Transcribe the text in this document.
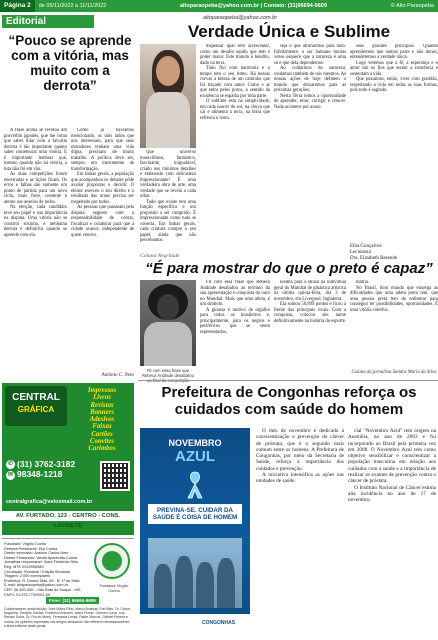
Página 2	de 05/11/2022 a 11/11/2022	altoparaopeba@yahoo.com.br | Contato: (31)96694-9609	© Alto Paraopeba
Editorial
“Pouco se aprende com a vitória, mas muito com a derrota”

A frase acima se revelou um provérbio japonês, que me coma que saber lidar com a favorita derrota é tão importante quanto saber comemorar uma vitória. E é importante lembrar que, mesmo quando não há vitória, a luta não foi em vão.

As duas competições foram encerradas e as lições ficam. Os erros e falhas são somente um ponto de partida para um novo ciclo, mais forte, coerente e atento aos anseios de todos.

Na eleição, cada candidato teve seu papel e sua importância na disputa. Uma vitória não se constrói sozinha, e nenhuma derrota é definitiva quando se aprende com ela.

Como já havíamos mencionado, os dois lados que nos interessam, para que seus moradores tenham uma vida digna, precisam de muito trabalho. A política deve ser, sempre, um instrumento de transformação.

Em linhas gerais, a população que acompanhou os debates pôde avaliar propostas e decidir. O eleitor exerceu o seu direito e o resultado das urnas precisa ser respeitado por todos.

As pessoas que passaram pela disputa seguem com a responsabilidade de cobrar, fiscalizar e colaborar para que a cidade avance, independente de quem venceu.

Antônio C. Neto
CENTRAL
GRÁFICA
Impressos
Livros
Revistas
Banners
Adesivos
Faixas
Cartões
Convites
Carimbos
✆ (31) 3762-3182
✉ 98348-1218
centralgrafica@veloxmail.com.br
AV. FURTADO, 123 - CENTRO - CONS. LAFAIETE
Fundador: Virgílio Cunha
Diretora Presidente: Elzi Cunha
Diretor executivo: Antônio Carlos Neto
Diretor Financeiro: Vanda Aparecida Cunha
Jornalista responsável: Saint Frederick Reis
Reg. MTE 0019955/MG
Circulação: Semanal / Edição Semanal
Tiragem: 2.000 exemplares
Endereço: R. Doutor Dias, 69 - B. 1º de Maio
E-mail: altoparaopeba@yahoo.com.br
CEP: 36.420-000 – São Brás do Suaçuí - MG
CNPJ: 01.975.773/0001-69
Fundador Virgílio Cunha
Fone: (31) 96694-9609
Colaboradores desta edição: José Mafra Filho, Marco Ananias, Frei Beto, Dr. Carlos Nogueira, Geraldo Dantas, Frederico Antunes, Ivana Ferraz, Carmen Lúcia, Luiz Renato Dutra, Dr. Rui de Abreu, Fernanda Lessa, Padre Marcos, Gabriel Pereira e outros. As opiniões expressas nos artigos assinados não refletem necessariamente a linha editorial deste jornal.
altoparaopeba@yahoo.com.br
Verdade Única e Sublime

Que universo maravilhoso, fantástico, fascinante, inigualável, criado nos mínimos detalhes e elaborado com delicadeza impressionante! É uma verdadeira obra de arte, uma verdade que se revela a cada olhar.

Tudo que existe tem uma função específica e um propósito a ser cumprido. É impressionante como tudo se conecta. Em linhas gerais, cada criatura cumpre o seu papel, ainda que não percebamos.

dispensar qual sem acrescentar, como um desafio aquilo que tem o poder maior. Este mundo é bendito, dado na terra.

Tudo flui com harmonia e o tempo tem o seu ritmo. Há nessas curvas a beleza de um caminho que foi traçado com amor. Como o ar que entra pelos poros, o sentido da existência se espalha por toda parte.

O sublime está na simplicidade, em cada nascer do sol, na chuva que cai e alimenta a terra, na brisa que refresca o rosto.

seja o que afirmarmos para tudo. Infelizmente, o ser humano muitas vezes esquece que a natureza é uma só e que dela dependemos.

Ao cuidarmos da natureza, cuidamos também de nós mesmos. As nossas ações de hoje definem o mundo que deixaremos para as próximas gerações.

Nesta Terra temos a oportunidade de aprender, errar, corrigir e crescer. Nada acontece por acaso.

seus grandes princípios. Quando aprendermos que somos parte e não donos, entenderemos a verdade única.

Logo veremos que a fé, a esperança e o amor são os fios que tecem a existência e sustentam a vida.

Que possamos, então, viver com gratidão, respeitando a vida em todas as suas formas, pois tudo é sagrado.

Elba Gonçalves
Lecionista
Dra. Elizabeth Resende
Coluna Negritude
“É para mostrar do que o preto é capaz”
Fit com essa frase que Rebeca Andrade desabafou

Fit com essa frase que Rebeca Andrade desabafou ao término da sua apresentação e conquista do ouro no Mundial. Mais que uma atleta, é um símbolo.

A ginasta é motivo de orgulho para todos os brasileiros e, principalmente, para os negros e periféricos que se veem representados.

inédita para o Brasil na individual geral do Mundial de ginástica artística na última quinta-feira, dia 3 de novembro, em Liverpool, Inglaterra.

Ela somou 56,899 pontos e ficou à frente das principais rivais. Com a conquista, colocou seu nome definitivamente na história do esporte.

mátria.

No Brasil, bom mundo que enxerga as dificuldades que uma atleta preta tem, que uma pessoa preta tem de enfrentar para conseguir ter possibilidades, oportunidades. É uma vitória coletiva.

Coluna da jornalista Sandra Maria da Silva
Prefeitura de Congonhas reforça os cuidados com saúde do homem
NOVEMBRO
AZUL
PREVINA-SE. CUIDAR DA SAÚDE É COISA DE HOMEM
CONGONHAS

O mês de novembro é dedicado à conscientização e prevenção do câncer de próstata, que é o segundo mais comum entre os homens. A Prefeitura de Congonhas, por meio da Secretaria de Saúde, reforça a importância dos cuidados e prevenção.

A iniciativa intensifica as ações nas unidades de saúde.

cial "Novembro Azul" tem origem na Austrália, no ano de 2003 e foi incorporado ao Brasil pela primeira vez em 2008. O Novembro Azul tem como objetivo sensibilizar e conscientizar a população masculina em relação aos cuidados com a saúde e a importância de realizar os exames de prevenção contra o câncer de próstata.

O Instituto Nacional de Câncer estima alta incidência no ano de 17 de novembro.
